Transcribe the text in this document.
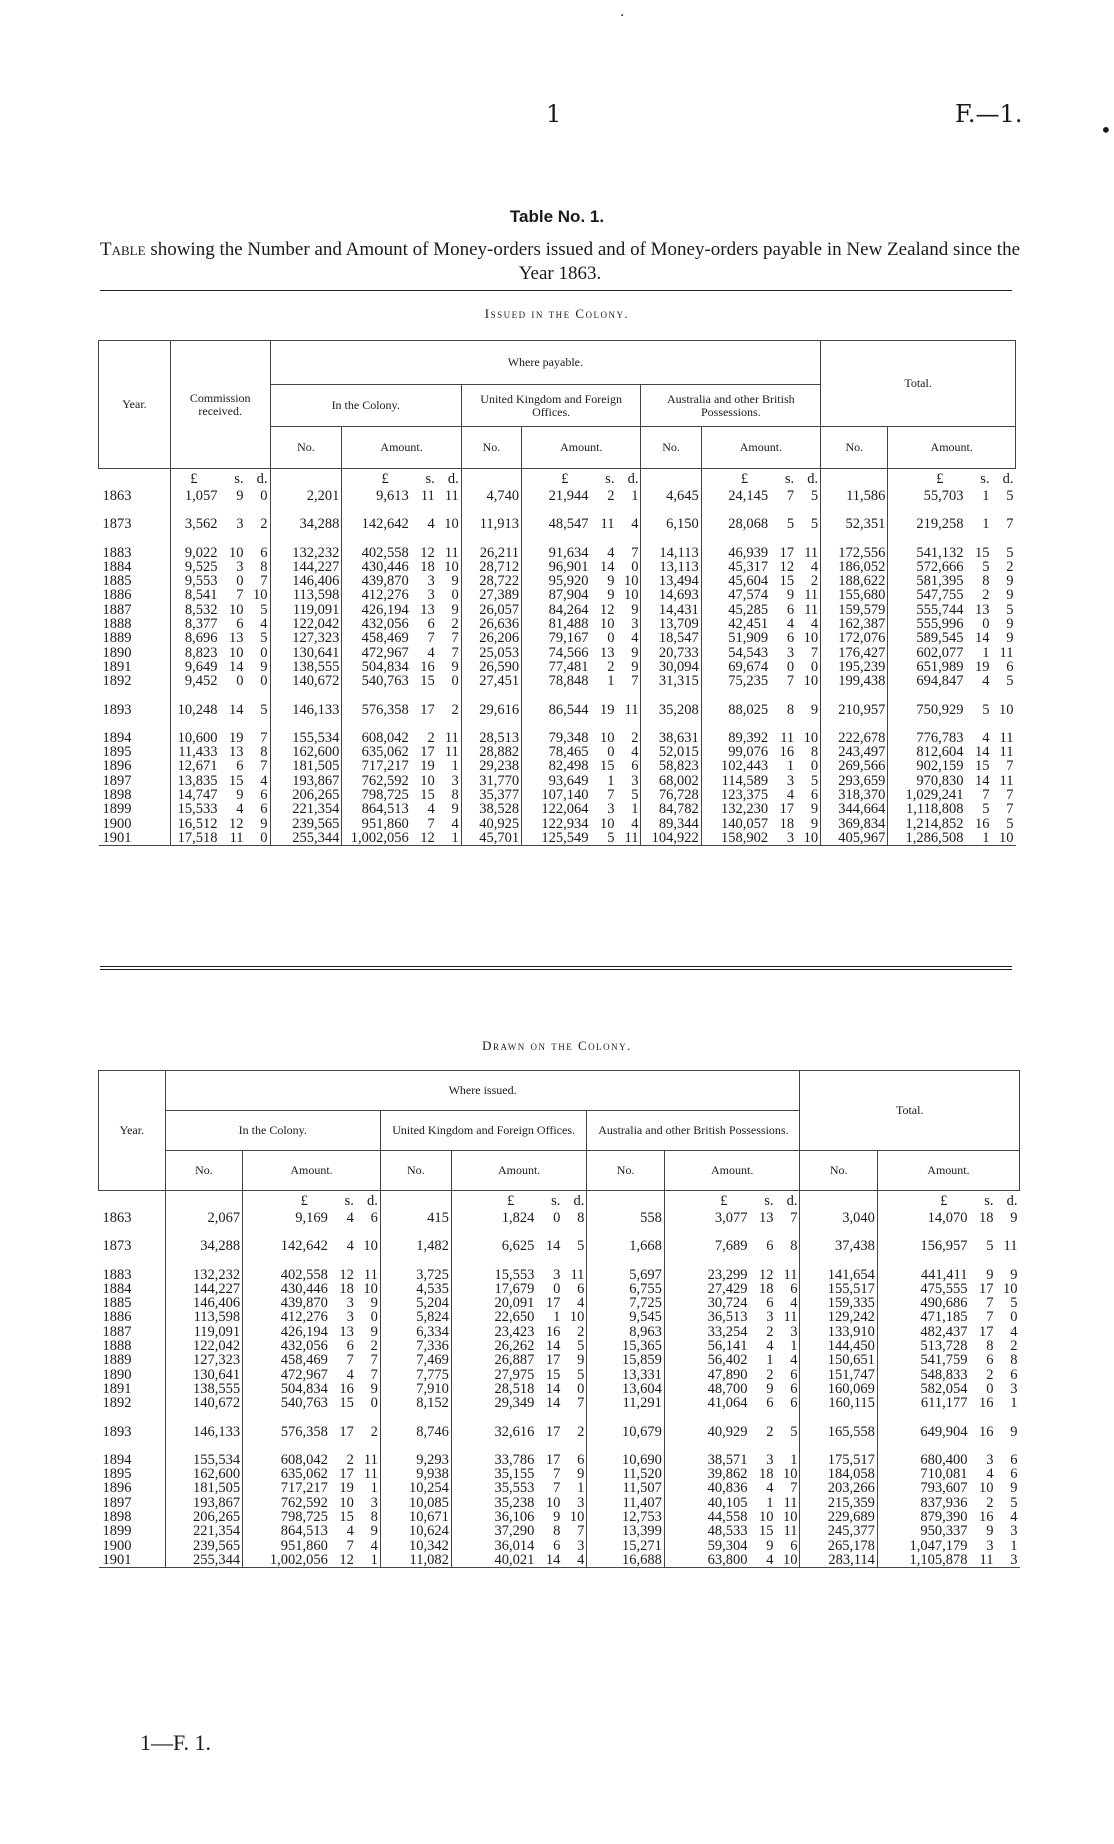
1	F.—1.
·
•
Table No. 1.
Table showing the Number and Amount of Money-orders issued and of Money-orders payable in New Zealand since the Year 1863.
Issued in the Colony.
Year.	Commission received.	Where payable.						Total.	
		In the Colony.		United Kingdom and Foreign Offices.		Australia and other British Possessions.			
		No.	Amount.	No.	Amount.	No.	Amount.	No.	Amount.
	£ s. d.		£ s. d.		£ s. d.		£ s. d.		£ s. d.
1863	1,057 9 0	2,201	9,613 11 11	4,740	21,944 2 1	4,645	24,145 7 5	11,586	55,703 1 5

1873	3,562 3 2	34,288	142,642 4 10	11,913	48,547 11 4	6,150	28,068 5 5	52,351	219,258 1 7

1883	9,022 10 6	132,232	402,558 12 11	26,211	91,634 4 7	14,113	46,939 17 11	172,556	541,132 15 5
1884	9,525 3 8	144,227	430,446 18 10	28,712	96,901 14 0	13,113	45,317 12 4	186,052	572,666 5 2
1885	9,553 0 7	146,406	439,870 3 9	28,722	95,920 9 10	13,494	45,604 15 2	188,622	581,395 8 9
1886	8,541 7 10	113,598	412,276 3 0	27,389	87,904 9 10	14,693	47,574 9 11	155,680	547,755 2 9
1887	8,532 10 5	119,091	426,194 13 9	26,057	84,264 12 9	14,431	45,285 6 11	159,579	555,744 13 5
1888	8,377 6 4	122,042	432,056 6 2	26,636	81,488 10 3	13,709	42,451 4 4	162,387	555,996 0 9
1889	8,696 13 5	127,323	458,469 7 7	26,206	79,167 0 4	18,547	51,909 6 10	172,076	589,545 14 9
1890	8,823 10 0	130,641	472,967 4 7	25,053	74,566 13 9	20,733	54,543 3 7	176,427	602,077 1 11
1891	9,649 14 9	138,555	504,834 16 9	26,590	77,481 2 9	30,094	69,674 0 0	195,239	651,989 19 6
1892	9,452 0 0	140,672	540,763 15 0	27,451	78,848 1 7	31,315	75,235 7 10	199,438	694,847 4 5

1893	10,248 14 5	146,133	576,358 17 2	29,616	86,544 19 11	35,208	88,025 8 9	210,957	750,929 5 10

1894	10,600 19 7	155,534	608,042 2 11	28,513	79,348 10 2	38,631	89,392 11 10	222,678	776,783 4 11
1895	11,433 13 8	162,600	635,062 17 11	28,882	78,465 0 4	52,015	99,076 16 8	243,497	812,604 14 11
1896	12,671 6 7	181,505	717,217 19 1	29,238	82,498 15 6	58,823	102,443 1 0	269,566	902,159 15 7
1897	13,835 15 4	193,867	762,592 10 3	31,770	93,649 1 3	68,002	114,589 3 5	293,659	970,830 14 11
1898	14,747 9 6	206,265	798,725 15 8	35,377	107,140 7 5	76,728	123,375 4 6	318,370	1,029,241 7 7
1899	15,533 4 6	221,354	864,513 4 9	38,528	122,064 3 1	84,782	132,230 17 9	344,664	1,118,808 5 7
1900	16,512 12 9	239,565	951,860 7 4	40,925	122,934 10 4	89,344	140,057 18 9	369,834	1,214,852 16 5
1901	17,518 11 0	255,344	1,002,056 12 1	45,701	125,549 5 11	104,922	158,902 3 10	405,967	1,286,508 1 10
Drawn on the Colony.
Year.	Where issued.						Total.	
	In the Colony.		United Kingdom and Foreign Offices.		Australia and other British Possessions.			
	No.	Amount.	No.	Amount.	No.	Amount.	No.	Amount.
		£ s. d.		£ s. d.		£ s. d.		£ s. d.
1863	2,067	9,169 4 6	415	1,824 0 8	558	3,077 13 7	3,040	14,070 18 9

1873	34,288	142,642 4 10	1,482	6,625 14 5	1,668	7,689 6 8	37,438	156,957 5 11

1883	132,232	402,558 12 11	3,725	15,553 3 11	5,697	23,299 12 11	141,654	441,411 9 9
1884	144,227	430,446 18 10	4,535	17,679 0 6	6,755	27,429 18 6	155,517	475,555 17 10
1885	146,406	439,870 3 9	5,204	20,091 17 4	7,725	30,724 6 4	159,335	490,686 7 5
1886	113,598	412,276 3 0	5,824	22,650 1 10	9,545	36,513 3 11	129,242	471,185 7 0
1887	119,091	426,194 13 9	6,334	23,423 16 2	8,963	33,254 2 3	133,910	482,437 17 4
1888	122,042	432,056 6 2	7,336	26,262 14 5	15,365	56,141 4 1	144,450	513,728 8 2
1889	127,323	458,469 7 7	7,469	26,887 17 9	15,859	56,402 1 4	150,651	541,759 6 8
1890	130,641	472,967 4 7	7,775	27,975 15 5	13,331	47,890 2 6	151,747	548,833 2 6
1891	138,555	504,834 16 9	7,910	28,518 14 0	13,604	48,700 9 6	160,069	582,054 0 3
1892	140,672	540,763 15 0	8,152	29,349 14 7	11,291	41,064 6 6	160,115	611,177 16 1

1893	146,133	576,358 17 2	8,746	32,616 17 2	10,679	40,929 2 5	165,558	649,904 16 9

1894	155,534	608,042 2 11	9,293	33,786 17 6	10,690	38,571 3 1	175,517	680,400 3 6
1895	162,600	635,062 17 11	9,938	35,155 7 9	11,520	39,862 18 10	184,058	710,081 4 6
1896	181,505	717,217 19 1	10,254	35,553 7 1	11,507	40,836 4 7	203,266	793,607 10 9
1897	193,867	762,592 10 3	10,085	35,238 10 3	11,407	40,105 1 11	215,359	837,936 2 5
1898	206,265	798,725 15 8	10,671	36,106 9 10	12,753	44,558 10 10	229,689	879,390 16 4
1899	221,354	864,513 4 9	10,624	37,290 8 7	13,399	48,533 15 11	245,377	950,337 9 3
1900	239,565	951,860 7 4	10,342	36,014 6 3	15,271	59,304 9 6	265,178	1,047,179 3 1
1901	255,344	1,002,056 12 1	11,082	40,021 14 4	16,688	63,800 4 10	283,114	1,105,878 11 3
1—F. 1.
